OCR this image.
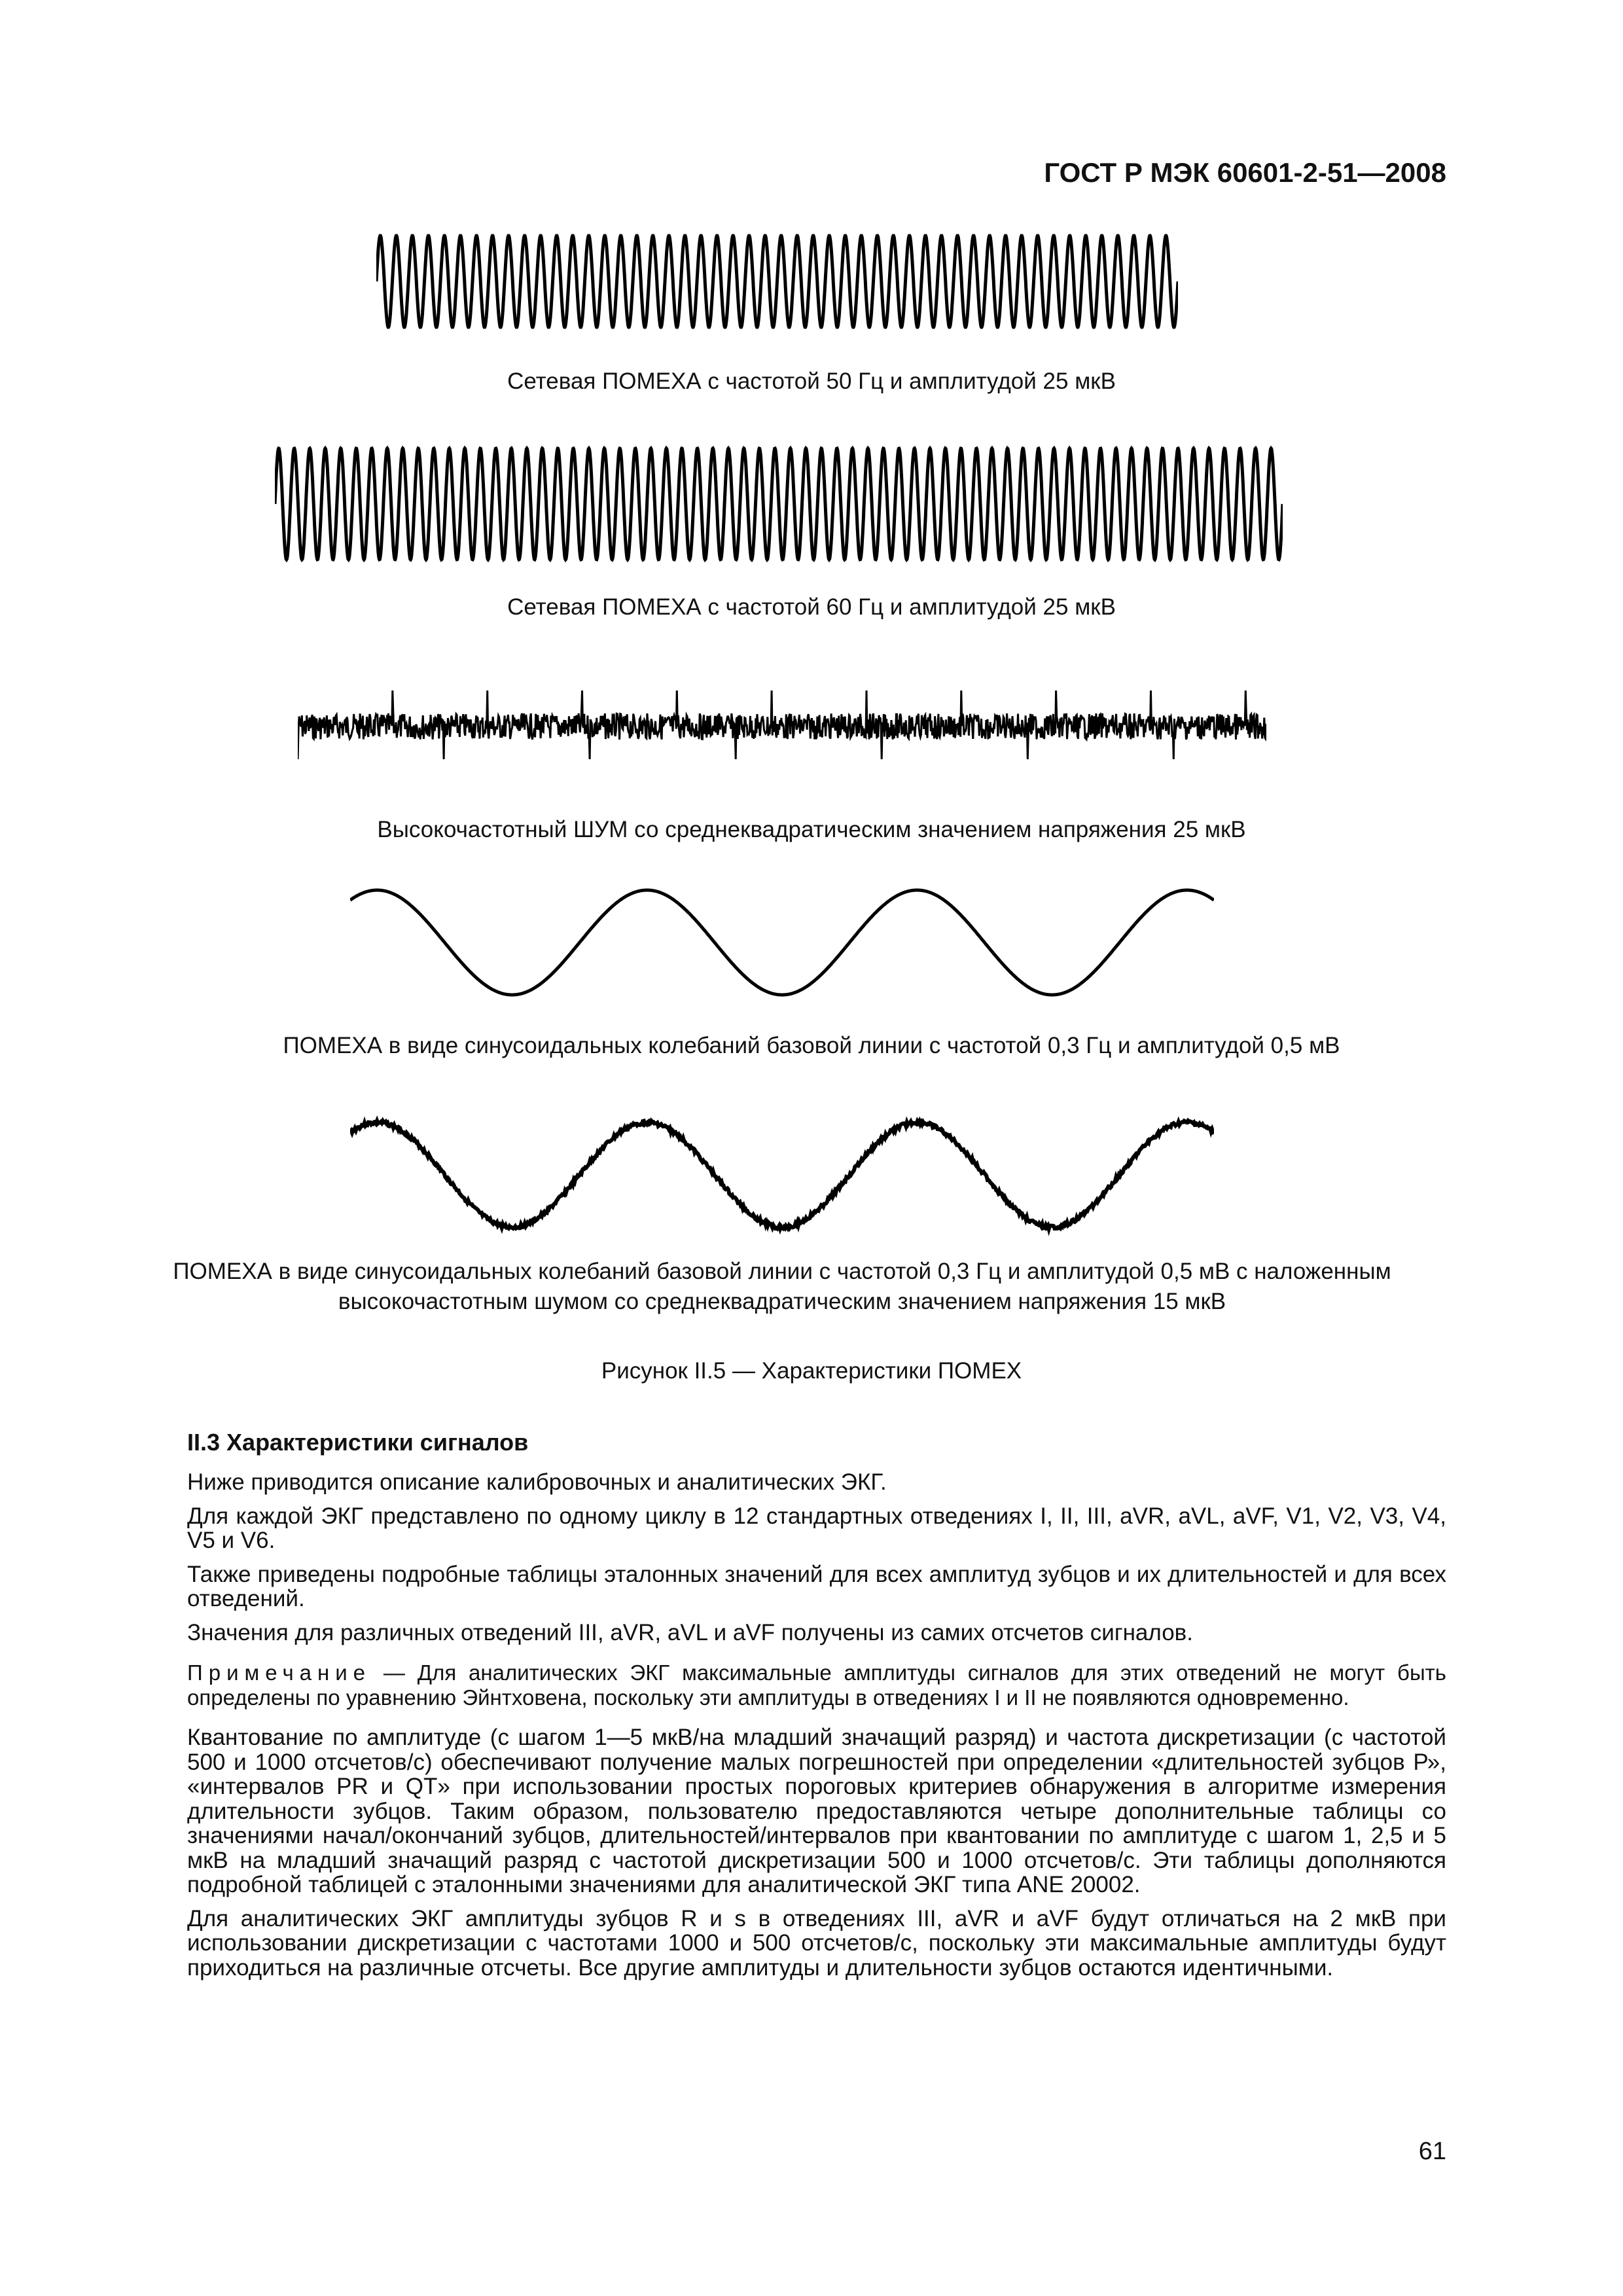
ГОСТ Р МЭК 60601-2-51—2008
Сетевая ПОМЕХА с частотой 50 Гц и амплитудой 25 мкВ
Сетевая ПОМЕХА с частотой 60 Гц и амплитудой 25 мкВ
Высокочастотный ШУМ со среднеквадратическим значением напряжения 25 мкВ
ПОМЕХА в виде синусоидальных колебаний базовой линии с частотой 0,3 Гц и амплитудой 0,5 мВ
ПОМЕХА в виде синусоидальных колебаний базовой линии с частотой 0,3 Гц и амплитудой 0,5 мВ с наложенным высокочастотным шумом со среднеквадратическим значением напряжения 15 мкВ
Рисунок II.5 — Характеристики ПОМЕХ
II.3 Характеристики сигналов

Ниже приводится описание калибровочных и аналитических ЭКГ.

Для каждой ЭКГ представлено по одному циклу в 12 стандартных отведениях I, II, III, aVR, aVL, aVF, V1, V2, V3, V4, V5 и V6.

Также приведены подробные таблицы эталонных значений для всех амплитуд зубцов и их длительностей и для всех отведений.

Значения для различных отведений III, aVR, aVL и aVF получены из самих отсчетов сигналов.

Примечание — Для аналитических ЭКГ максимальные амплитуды сигналов для этих отведений не могут быть определены по уравнению Эйнтховена, поскольку эти амплитуды в отведениях I и II не появляются одновременно.

Квантование по амплитуде (с шагом 1—5 мкВ/на младший значащий разряд) и частота дискретизации (с частотой 500 и 1000 отсчетов/с) обеспечивают получение малых погрешностей при определении «длительностей зубцов Р», «интервалов PR и QT» при использовании простых пороговых критериев обнаружения в алгоритме измерения длительности зубцов. Таким образом, пользователю предоставляются четыре дополнительные таблицы со значениями начал/окончаний зубцов, длительностей/интервалов при квантовании по амплитуде с шагом 1, 2,5 и 5 мкВ на младший значащий разряд с частотой дискретизации 500 и 1000 отсчетов/с. Эти таблицы дополняются подробной таблицей с эталонными значениями для аналитической ЭКГ типа ANE 20002.

Для аналитических ЭКГ амплитуды зубцов R и s в отведениях III, aVR и aVF будут отличаться на 2 мкВ при использовании дискретизации с частотами 1000 и 500 отсчетов/с, поскольку эти максимальные амплитуды будут приходиться на различные отсчеты. Все другие амплитуды и длительности зубцов остаются идентичными.

61
